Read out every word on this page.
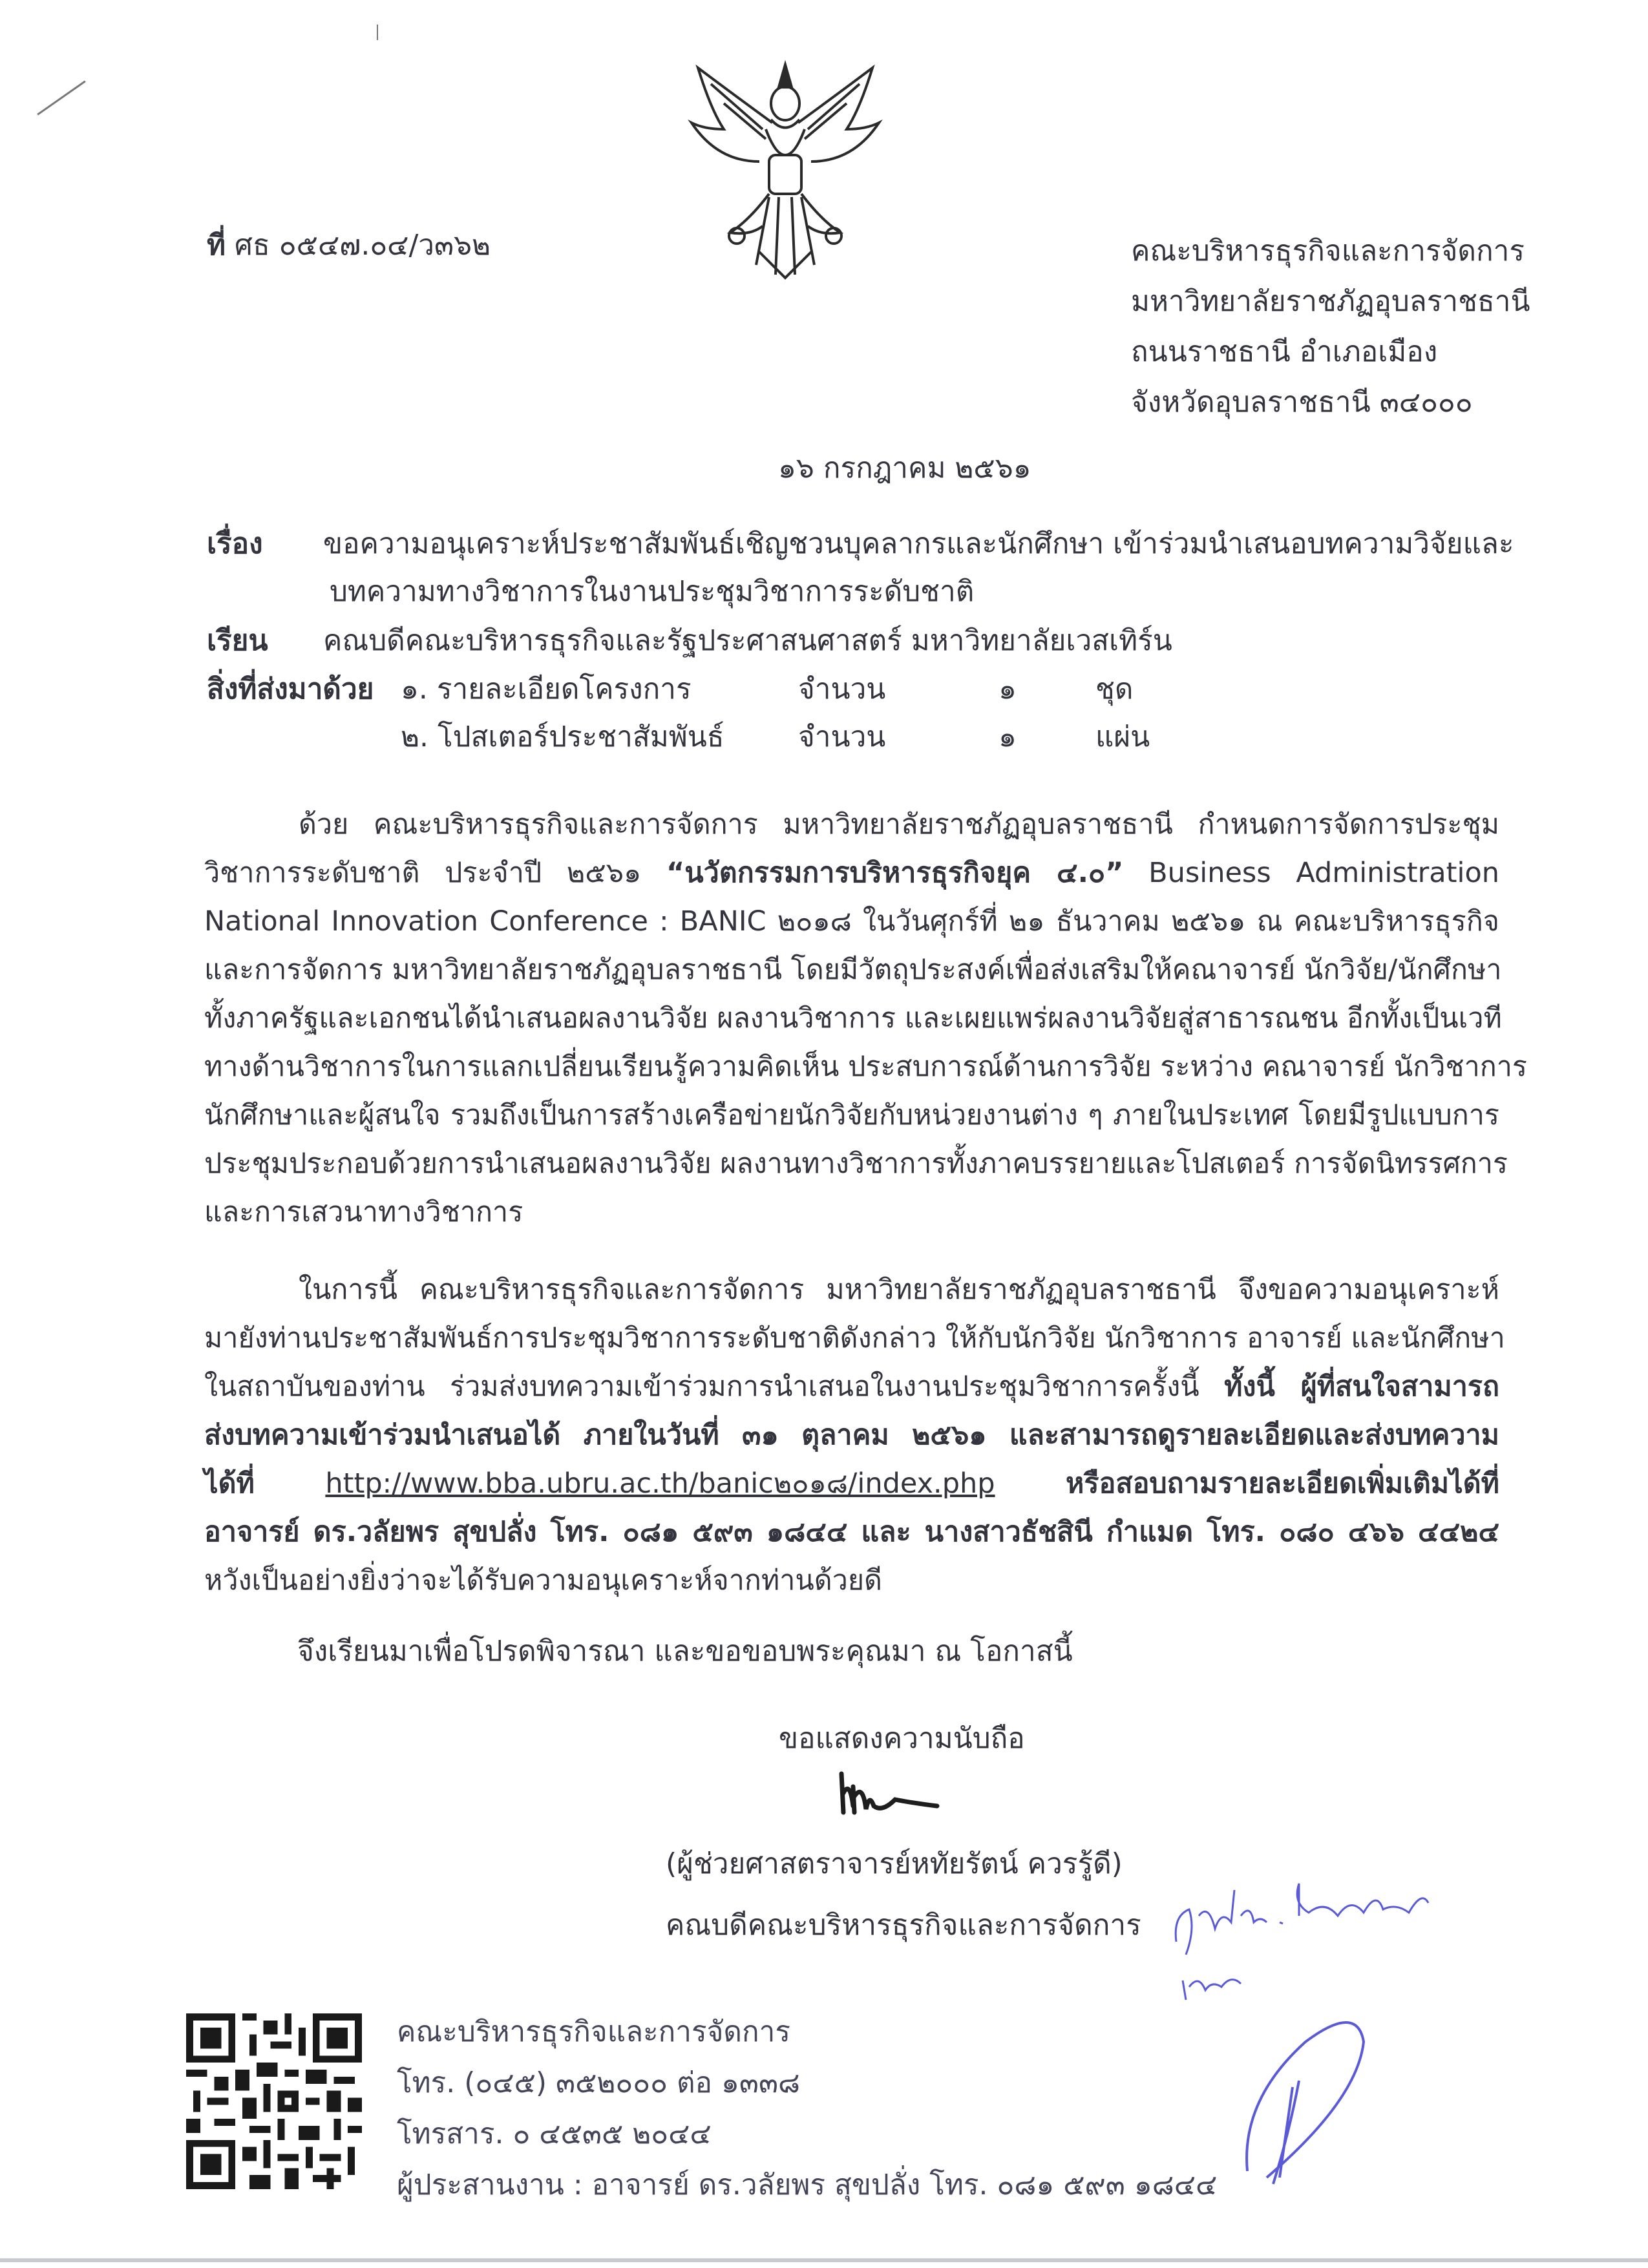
ที่ ศธ ๐๕๔๗.๐๔/ว๓๖๒	คณะบริหารธุรกิจและการจัดการ
มหาวิทยาลัยราชภัฏอุบลราชธานี
ถนนราชธานี อำเภอเมือง
จังหวัดอุบลราชธานี ๓๔๐๐๐
๑๖ กรกฎาคม ๒๕๖๑
เรื่อง ขอความอนุเคราะห์ประชาสัมพันธ์เชิญชวนบุคลากรและนักศึกษา เข้าร่วมนำเสนอบทความวิจัยและ
บทความทางวิชาการในงานประชุมวิชาการระดับชาติ
เรียน คณบดีคณะบริหารธุรกิจและรัฐประศาสนศาสตร์ มหาวิทยาลัยเวสเทิร์น
สิ่งที่ส่งมาด้วย ๑. รายละเอียดโครงการ	จำนวน	๑	ชุด
๒. โปสเตอร์ประชาสัมพันธ์	จำนวน	๑	แผ่น
ด้วย คณะบริหารธุรกิจและการจัดการ มหาวิทยาลัยราชภัฏอุบลราชธานี กำหนดการจัดการประชุม
วิชาการระดับชาติ ประจำปี ๒๕๖๑ “นวัตกรรมการบริหารธุรกิจยุค ๔.๐” Business Administration
National Innovation Conference : BANIC ๒๐๑๘ ในวันศุกร์ที่ ๒๑ ธันวาคม ๒๕๖๑ ณ คณะบริหารธุรกิจ
และการจัดการ มหาวิทยาลัยราชภัฏอุบลราชธานี โดยมีวัตถุประสงค์เพื่อส่งเสริมให้คณาจารย์ นักวิจัย/นักศึกษา
ทั้งภาครัฐและเอกชนได้นำเสนอผลงานวิจัย ผลงานวิชาการ และเผยแพร่ผลงานวิจัยสู่สาธารณชน อีกทั้งเป็นเวที
ทางด้านวิชาการในการแลกเปลี่ยนเรียนรู้ความคิดเห็น ประสบการณ์ด้านการวิจัย ระหว่าง คณาจารย์ นักวิชาการ
นักศึกษาและผู้สนใจ รวมถึงเป็นการสร้างเครือข่ายนักวิจัยกับหน่วยงานต่าง ๆ ภายในประเทศ โดยมีรูปแบบการ
ประชุมประกอบด้วยการนำเสนอผลงานวิจัย ผลงานทางวิชาการทั้งภาคบรรยายและโปสเตอร์ การจัดนิทรรศการ
และการเสวนาทางวิชาการ
ในการนี้ คณะบริหารธุรกิจและการจัดการ มหาวิทยาลัยราชภัฏอุบลราชธานี จึงขอความอนุเคราะห์
มายังท่านประชาสัมพันธ์การประชุมวิชาการระดับชาติดังกล่าว ให้กับนักวิจัย นักวิชาการ อาจารย์ และนักศึกษา
ในสถาบันของท่าน ร่วมส่งบทความเข้าร่วมการนำเสนอในงานประชุมวิชาการครั้งนี้ ทั้งนี้ ผู้ที่สนใจสามารถ
ส่งบทความเข้าร่วมนำเสนอได้ ภายในวันที่ ๓๑ ตุลาคม ๒๕๖๑ และสามารถดูรายละเอียดและส่งบทความ
ได้ที่ http://www.bba.ubru.ac.th/banic๒๐๑๘/index.php หรือสอบถามรายละเอียดเพิ่มเติมได้ที่
อาจารย์ ดร.วลัยพร สุขปลั่ง โทร. ๐๘๑ ๕๙๓ ๑๘๔๔ และ นางสาวธัชสินี กำแมด โทร. ๐๘๐ ๔๖๖ ๔๔๒๔
หวังเป็นอย่างยิ่งว่าจะได้รับความอนุเคราะห์จากท่านด้วยดี
จึงเรียนมาเพื่อโปรดพิจารณา และขอขอบพระคุณมา ณ โอกาสนี้
ขอแสดงความนับถือ
(ผู้ช่วยศาสตราจารย์หทัยรัตน์ ควรรู้ดี)
คณบดีคณะบริหารธุรกิจและการจัดการ
คณะบริหารธุรกิจและการจัดการ
โทร. (๐๔๕) ๓๕๒๐๐๐ ต่อ ๑๓๓๘
โทรสาร. ๐ ๔๕๓๕ ๒๐๔๔
ผู้ประสานงาน : อาจารย์ ดร.วลัยพร สุขปลั่ง โทร. ๐๘๑ ๕๙๓ ๑๘๔๔
